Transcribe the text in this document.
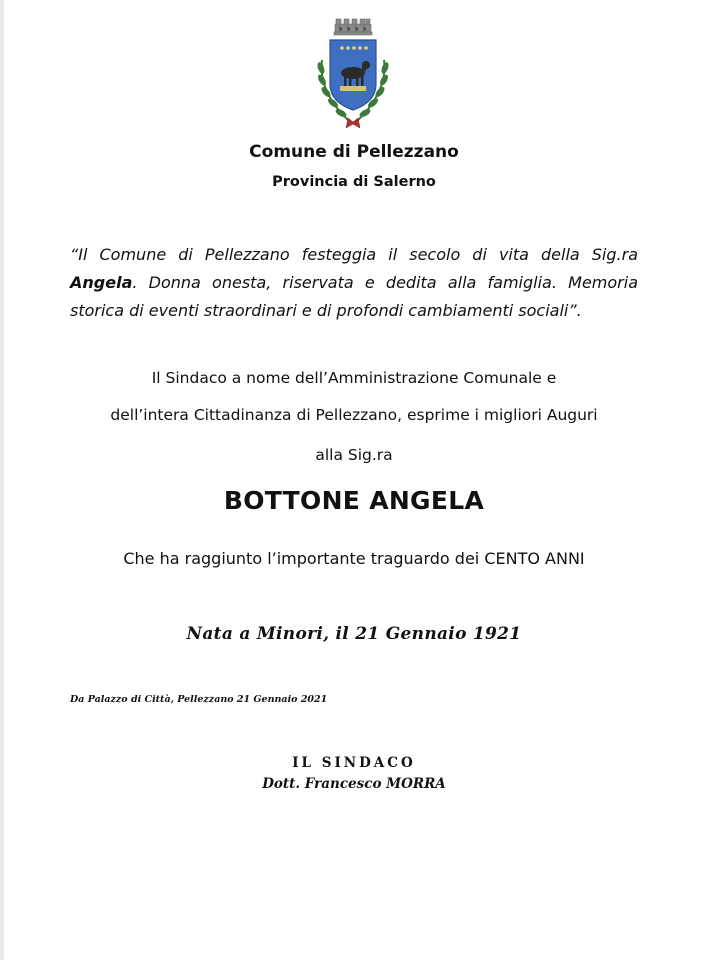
Comune di Pellezzano
Provincia di Salerno

“Il Comune di Pellezzano festeggia il secolo di vita della Sig.ra Angela. Donna onesta, riservata e dedita alla famiglia. Memoria storica di eventi straordinari e di profondi cambiamenti sociali”.

Il Sindaco a nome dell’Amministrazione Comunale e
dell’intera Cittadinanza di Pellezzano, esprime i migliori Auguri
alla Sig.ra
BOTTONE ANGELA
Che ha raggiunto l’importante traguardo dei CENTO ANNI
Nata a Minori, il 21 Gennaio 1921
Da Palazzo di Città, Pellezzano 21 Gennaio 2021
IL SINDACO
Dott. Francesco MORRA
